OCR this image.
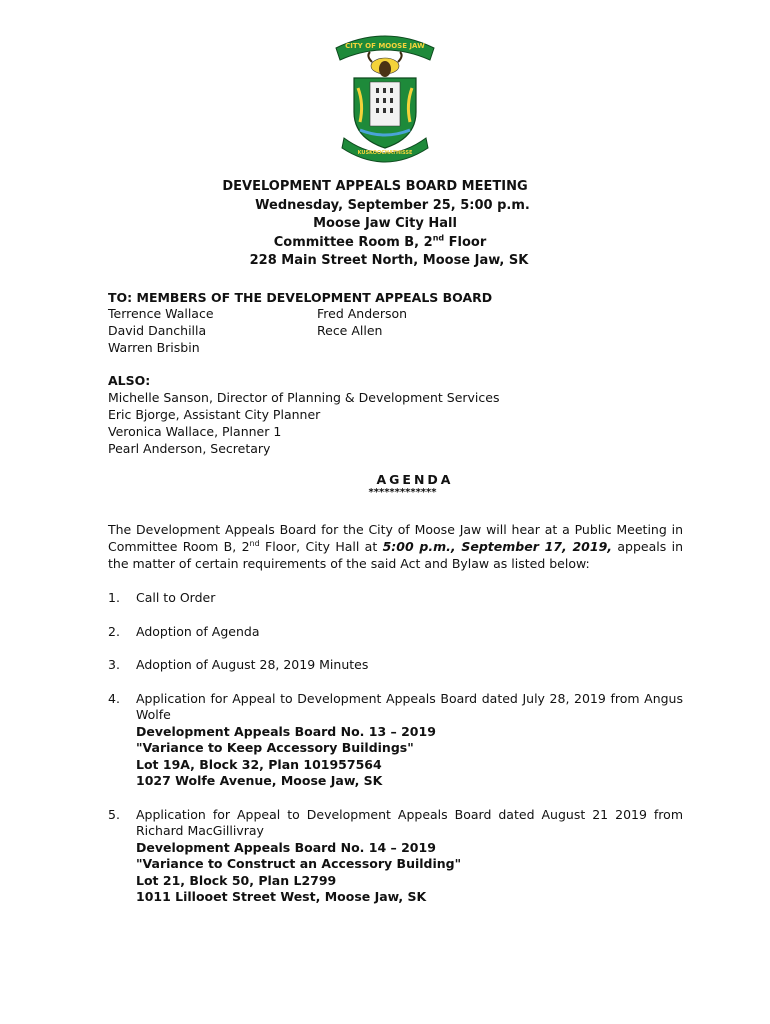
CITY OF MOOSE JAW
KUSKOOCHATHISSE
DEVELOPMENT APPEALS BOARD MEETING
Wednesday, September 25, 5:00 p.m.
Moose Jaw City Hall
Committee Room B, 2nd Floor
228 Main Street North, Moose Jaw, SK
TO: MEMBERS OF THE DEVELOPMENT APPEALS BOARD
Terrence Wallace	Fred Anderson
David Danchilla	Rece Allen
Warren Brisbin
ALSO:
Michelle Sanson, Director of Planning & Development Services
Eric Bjorge, Assistant City Planner
Veronica Wallace, Planner 1
Pearl Anderson, Secretary
AGENDA
*************
The Development Appeals Board for the City of Moose Jaw will hear at a Public Meeting in Committee Room B, 2nd Floor, City Hall at 5:00 p.m., September 17, 2019, appeals in the matter of certain requirements of the said Act and Bylaw as listed below:
1. Call to Order
2. Adoption of Agenda
3. Adoption of August 28, 2019 Minutes
4. Application for Appeal to Development Appeals Board dated July 28, 2019 from Angus Wolfe
Development Appeals Board No. 13 – 2019
"Variance to Keep Accessory Buildings"
Lot 19A, Block 32, Plan 101957564
1027 Wolfe Avenue, Moose Jaw, SK
5. Application for Appeal to Development Appeals Board dated August 21 2019 from Richard MacGillivray
Development Appeals Board No. 14 – 2019
"Variance to Construct an Accessory Building"
Lot 21, Block 50, Plan L2799
1011 Lillooet Street West, Moose Jaw, SK
